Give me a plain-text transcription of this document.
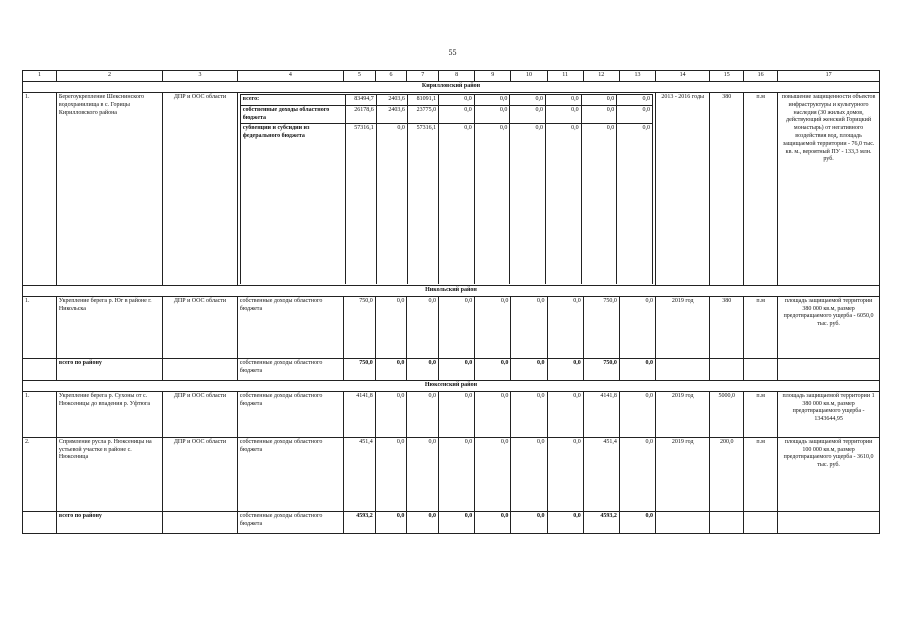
55
1	2	3	4	5	6	7	8	9	10	11	12	13	14	15	16	17
Кирилловский район
1.	Берегоукрепление Шекснинского водохранилища в с. Горицы Кирилловского района	ДПР и ООС области		всего:	83494,7	2403,6	81091,1	0,0	0,0	0,0	0,0	0,0	0,0
собственные доходы областного бюджета	26178,6	2403,6	23775,0	0,0	0,0	0,0	0,0	0,0	0,0
субвенции и субсидии из федерального бюджета	57316,1	0,0	57316,1	0,0	0,0	0,0	0,0	0,0	0,0
	2013 - 2016 годы	380	п.м	повышение защищенности объектов инфраструктуры и культурного наследия (30 жилых домов, действующий женский Горицкий монастырь) от негативного воздействия вод, площадь защищаемой территории - 76,0 тыс. кв. м., вероятный ПУ - 133,3 млн. руб.
Никольский район
1.	Укрепление берега р. Юг в районе г. Никольска	ДПР и ООС области	собственные доходы областного бюджета	750,0	0,0	0,0	0,0	0,0	0,0	0,0	750,0	0,0	2019 год	380	п.м	площадь защищаемой территории 380 000 кв.м, размер предотвращаемого ущерба - 6050,0 тыс. руб.
	всего по району		собственные доходы областного бюджета	750,0	0,0	0,0	0,0	0,0	0,0	0,0	750,0	0,0				
Нюксенский район
1.	Укрепление берега р. Сухоны от с. Нюксеницы до впадения р. Уфтюга	ДПР и ООС области	собственные доходы областного бюджета	4141,8	0,0	0,0	0,0	0,0	0,0	0,0	4141,8	0,0	2019 год	5000,0	п.м	площадь защищаемой территории 1 380 000 кв.м, размер предотвращаемого ущерба - 1343644,95
2.	Спрямление русла р. Нюксеницы на устьевой участке в районе с. Нюксеница	ДПР и ООС области	собственные доходы областного бюджета	451,4	0,0	0,0	0,0	0,0	0,0	0,0	451,4	0,0	2019 год	200,0	п.м	площадь защищаемой территории 100 000 кв.м, размер предотвращаемого ущерба - 3610,0 тыс. руб.
	всего по району		собственные доходы областного бюджета	4593,2	0,0	0,0	0,0	0,0	0,0	0,0	4593,2	0,0				
